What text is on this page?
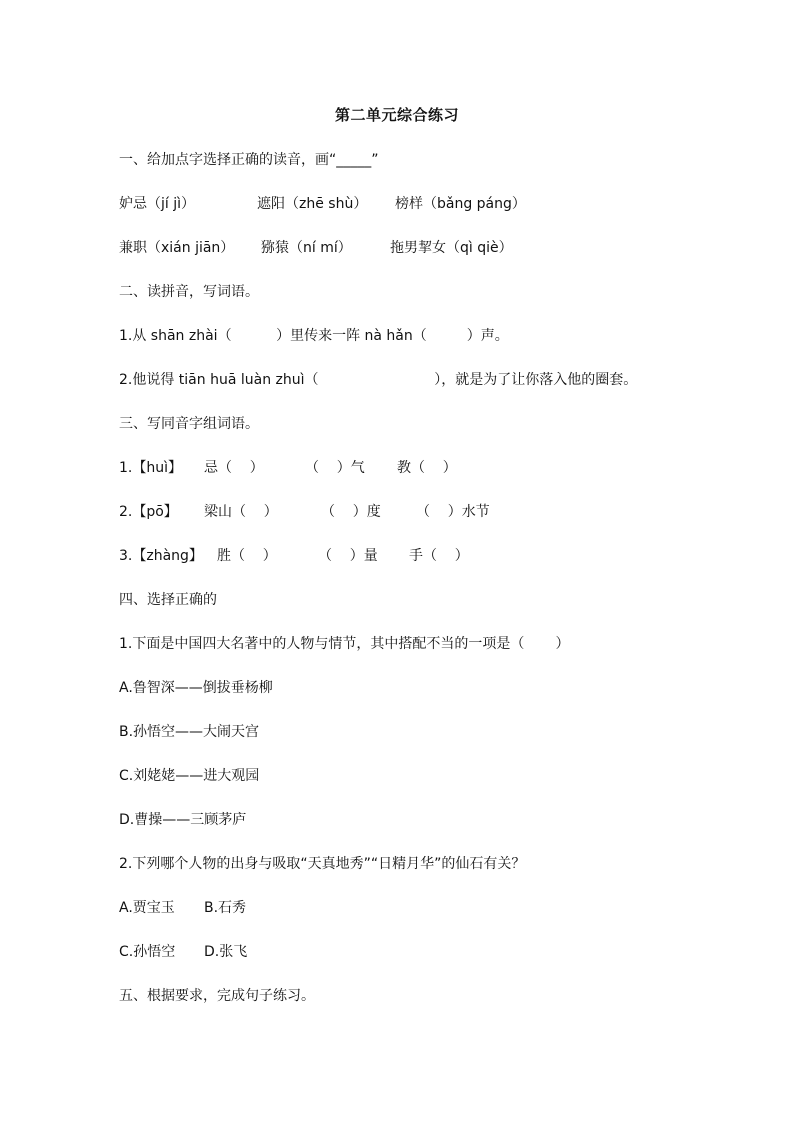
第二单元综合练习
一、给加点字选择正确的读音，画“_____”
妒忌（jí jì）	遮阳（zhē shù） 榜样（bǎng páng）
兼职（xián jiān） 猕猿（ní mí）	拖男挈女（qì qiè）
二、读拼音，写词语。
1.从 shān zhài（          ）里传来一阵 nà hǎn（         ）声。
2.他说得 tiān huā luàn zhuì（                          ），就是为了让你落入他的圈套。
三、写同音字组词语。
1.【huì】 忌（    ）	（    ）气 教（    ）
2.【pō】 梁山（    ）	（    ）度	（    ）水节
3.【zhàng】 胜（    ）	（    ）量 手（    ）
四、选择正确的
1.下面是中国四大名著中的人物与情节，其中搭配不当的一项是（       ）
A.鲁智深——倒拔垂杨柳
B.孙悟空——大闹天宫
C.刘姥姥——进大观园
D.曹操——三顾茅庐
2.下列哪个人物的出身与吸取“天真地秀”“日精月华”的仙石有关？
A.贾宝玉 B.石秀
C.孙悟空 D.张飞
五、根据要求，完成句子练习。
